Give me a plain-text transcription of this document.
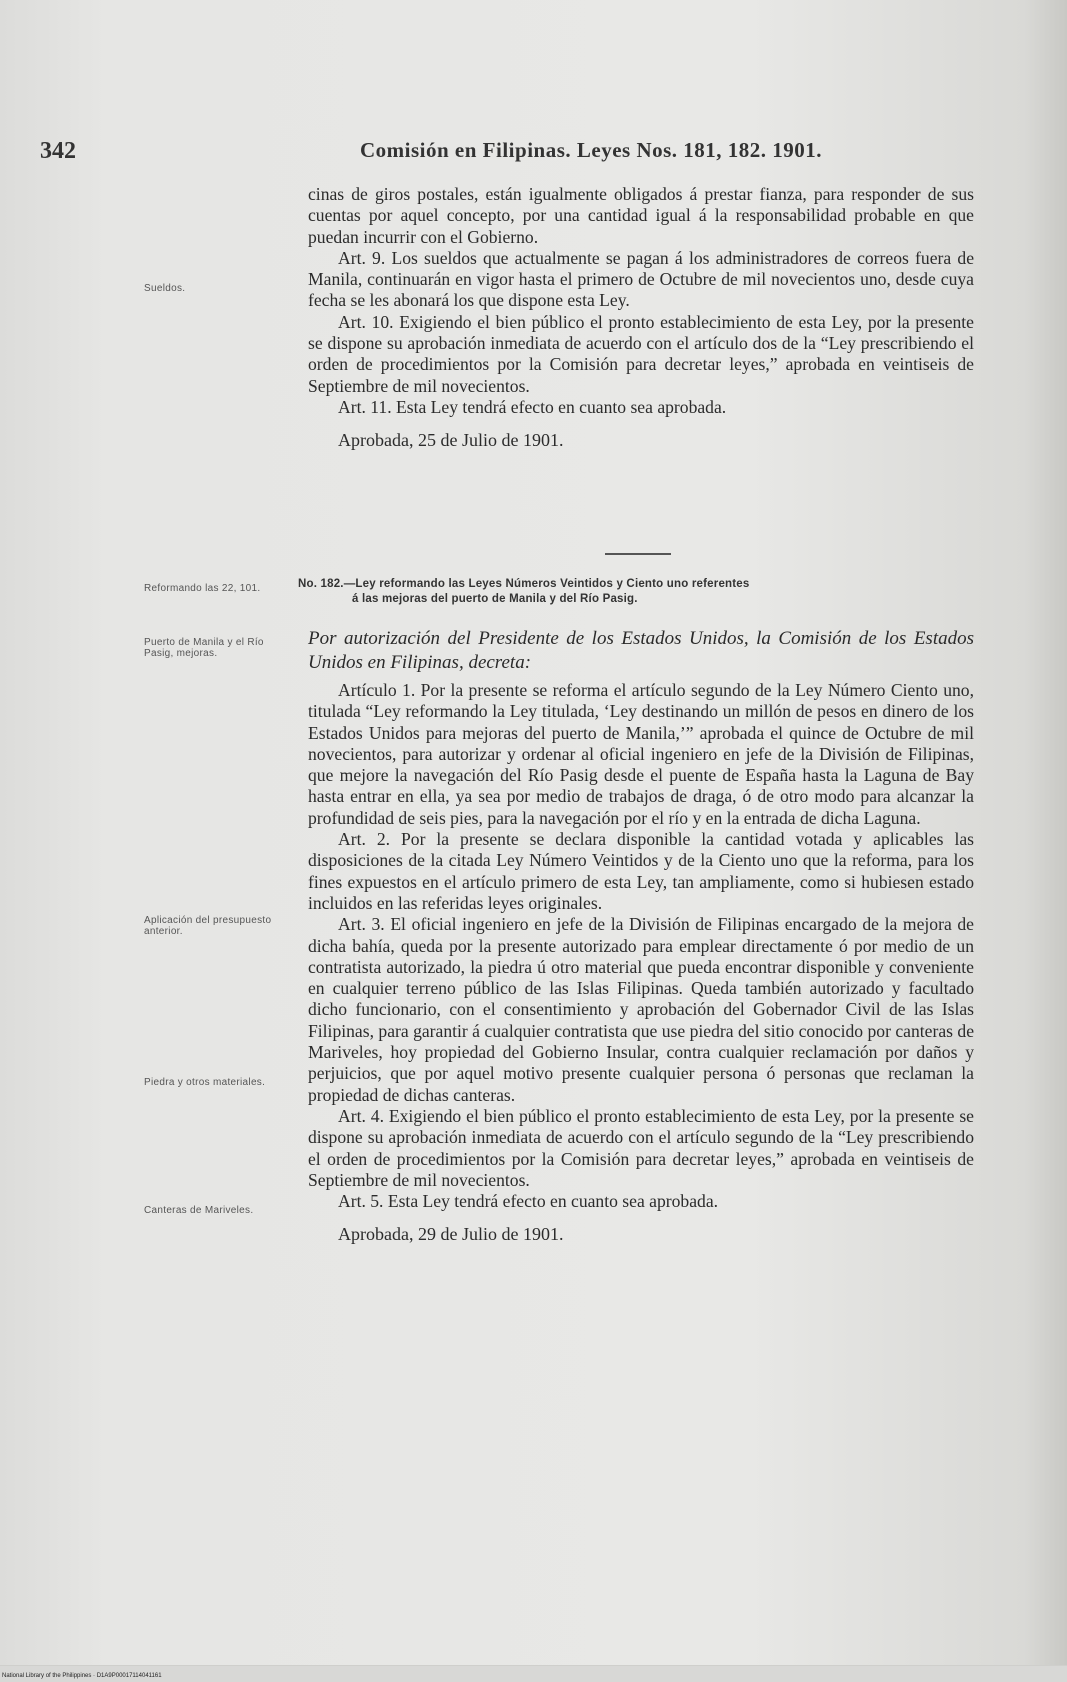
342	Comisión en Filipinas. Leyes Nos. 181, 182. 1901.

cinas de giros postales, están igualmente obligados á prestar fianza, para responder de sus cuentas por aquel concepto, por una cantidad igual á la responsabilidad probable en que puedan incurrir con el Gobierno.

Art. 9. Los sueldos que actualmente se pagan á los administradores de correos fuera de Manila, continuarán en vigor hasta el primero de Octubre de mil novecientos uno, desde cuya fecha se les abonará los que dispone esta Ley.

Art. 10. Exigiendo el bien público el pronto establecimiento de esta Ley, por la presente se dispone su aprobación inmediata de acuerdo con el artículo dos de la “Ley prescribiendo el orden de procedimientos por la Comisión para decretar leyes,” aprobada en veintiseis de Septiembre de mil novecientos.

Art. 11. Esta Ley tendrá efecto en cuanto sea aprobada.

Aprobada, 25 de Julio de 1901.

No. 182.—Ley reformando las Leyes Números Veintidos y Ciento uno referentes
á las mejoras del puerto de Manila y del Río Pasig.
Por autorización del Presidente de los Estados Unidos, la Comisión de los Estados Unidos en Filipinas, decreta:

Artículo 1. Por la presente se reforma el artículo segundo de la Ley Número Ciento uno, titulada “Ley reformando la Ley titulada, ‘Ley destinando un millón de pesos en dinero de los Estados Unidos para mejoras del puerto de Manila,’” aprobada el quince de Octubre de mil novecientos, para autorizar y ordenar al oficial ingeniero en jefe de la División de Filipinas, que mejore la navegación del Río Pasig desde el puente de España hasta la Laguna de Bay hasta entrar en ella, ya sea por medio de trabajos de draga, ó de otro modo para alcanzar la profundidad de seis pies, para la navegación por el río y en la entrada de dicha Laguna.

Art. 2. Por la presente se declara disponible la cantidad votada y aplicables las disposiciones de la citada Ley Número Veintidos y de la Ciento uno que la reforma, para los fines expuestos en el artículo primero de esta Ley, tan ampliamente, como si hubiesen estado incluidos en las referidas leyes originales.

Art. 3. El oficial ingeniero en jefe de la División de Filipinas encargado de la mejora de dicha bahía, queda por la presente autorizado para emplear directamente ó por medio de un contratista autorizado, la piedra ú otro material que pueda encontrar disponible y conveniente en cualquier terreno público de las Islas Filipinas. Queda también autorizado y facultado dicho funcionario, con el consentimiento y aprobación del Gobernador Civil de las Islas Filipinas, para garantir á cualquier contratista que use piedra del sitio conocido por canteras de Mariveles, hoy propiedad del Gobierno Insular, contra cualquier reclamación por daños y perjuicios, que por aquel motivo presente cualquier persona ó personas que reclaman la propiedad de dichas canteras.

Art. 4. Exigiendo el bien público el pronto establecimiento de esta Ley, por la presente se dispone su aprobación inmediata de acuerdo con el artículo segundo de la “Ley prescribiendo el orden de procedimientos por la Comisión para decretar leyes,” aprobada en veintiseis de Septiembre de mil novecientos.

Art. 5. Esta Ley tendrá efecto en cuanto sea aprobada.

Aprobada, 29 de Julio de 1901.

Sueldos.
Reformando las 22, 101.
Puerto de Manila y el Río Pasig, mejoras.
Aplicación del presupuesto anterior.
Piedra y otros materiales.
Canteras de Mariveles.
National Library of the Philippines · D1A9P00017114041161
